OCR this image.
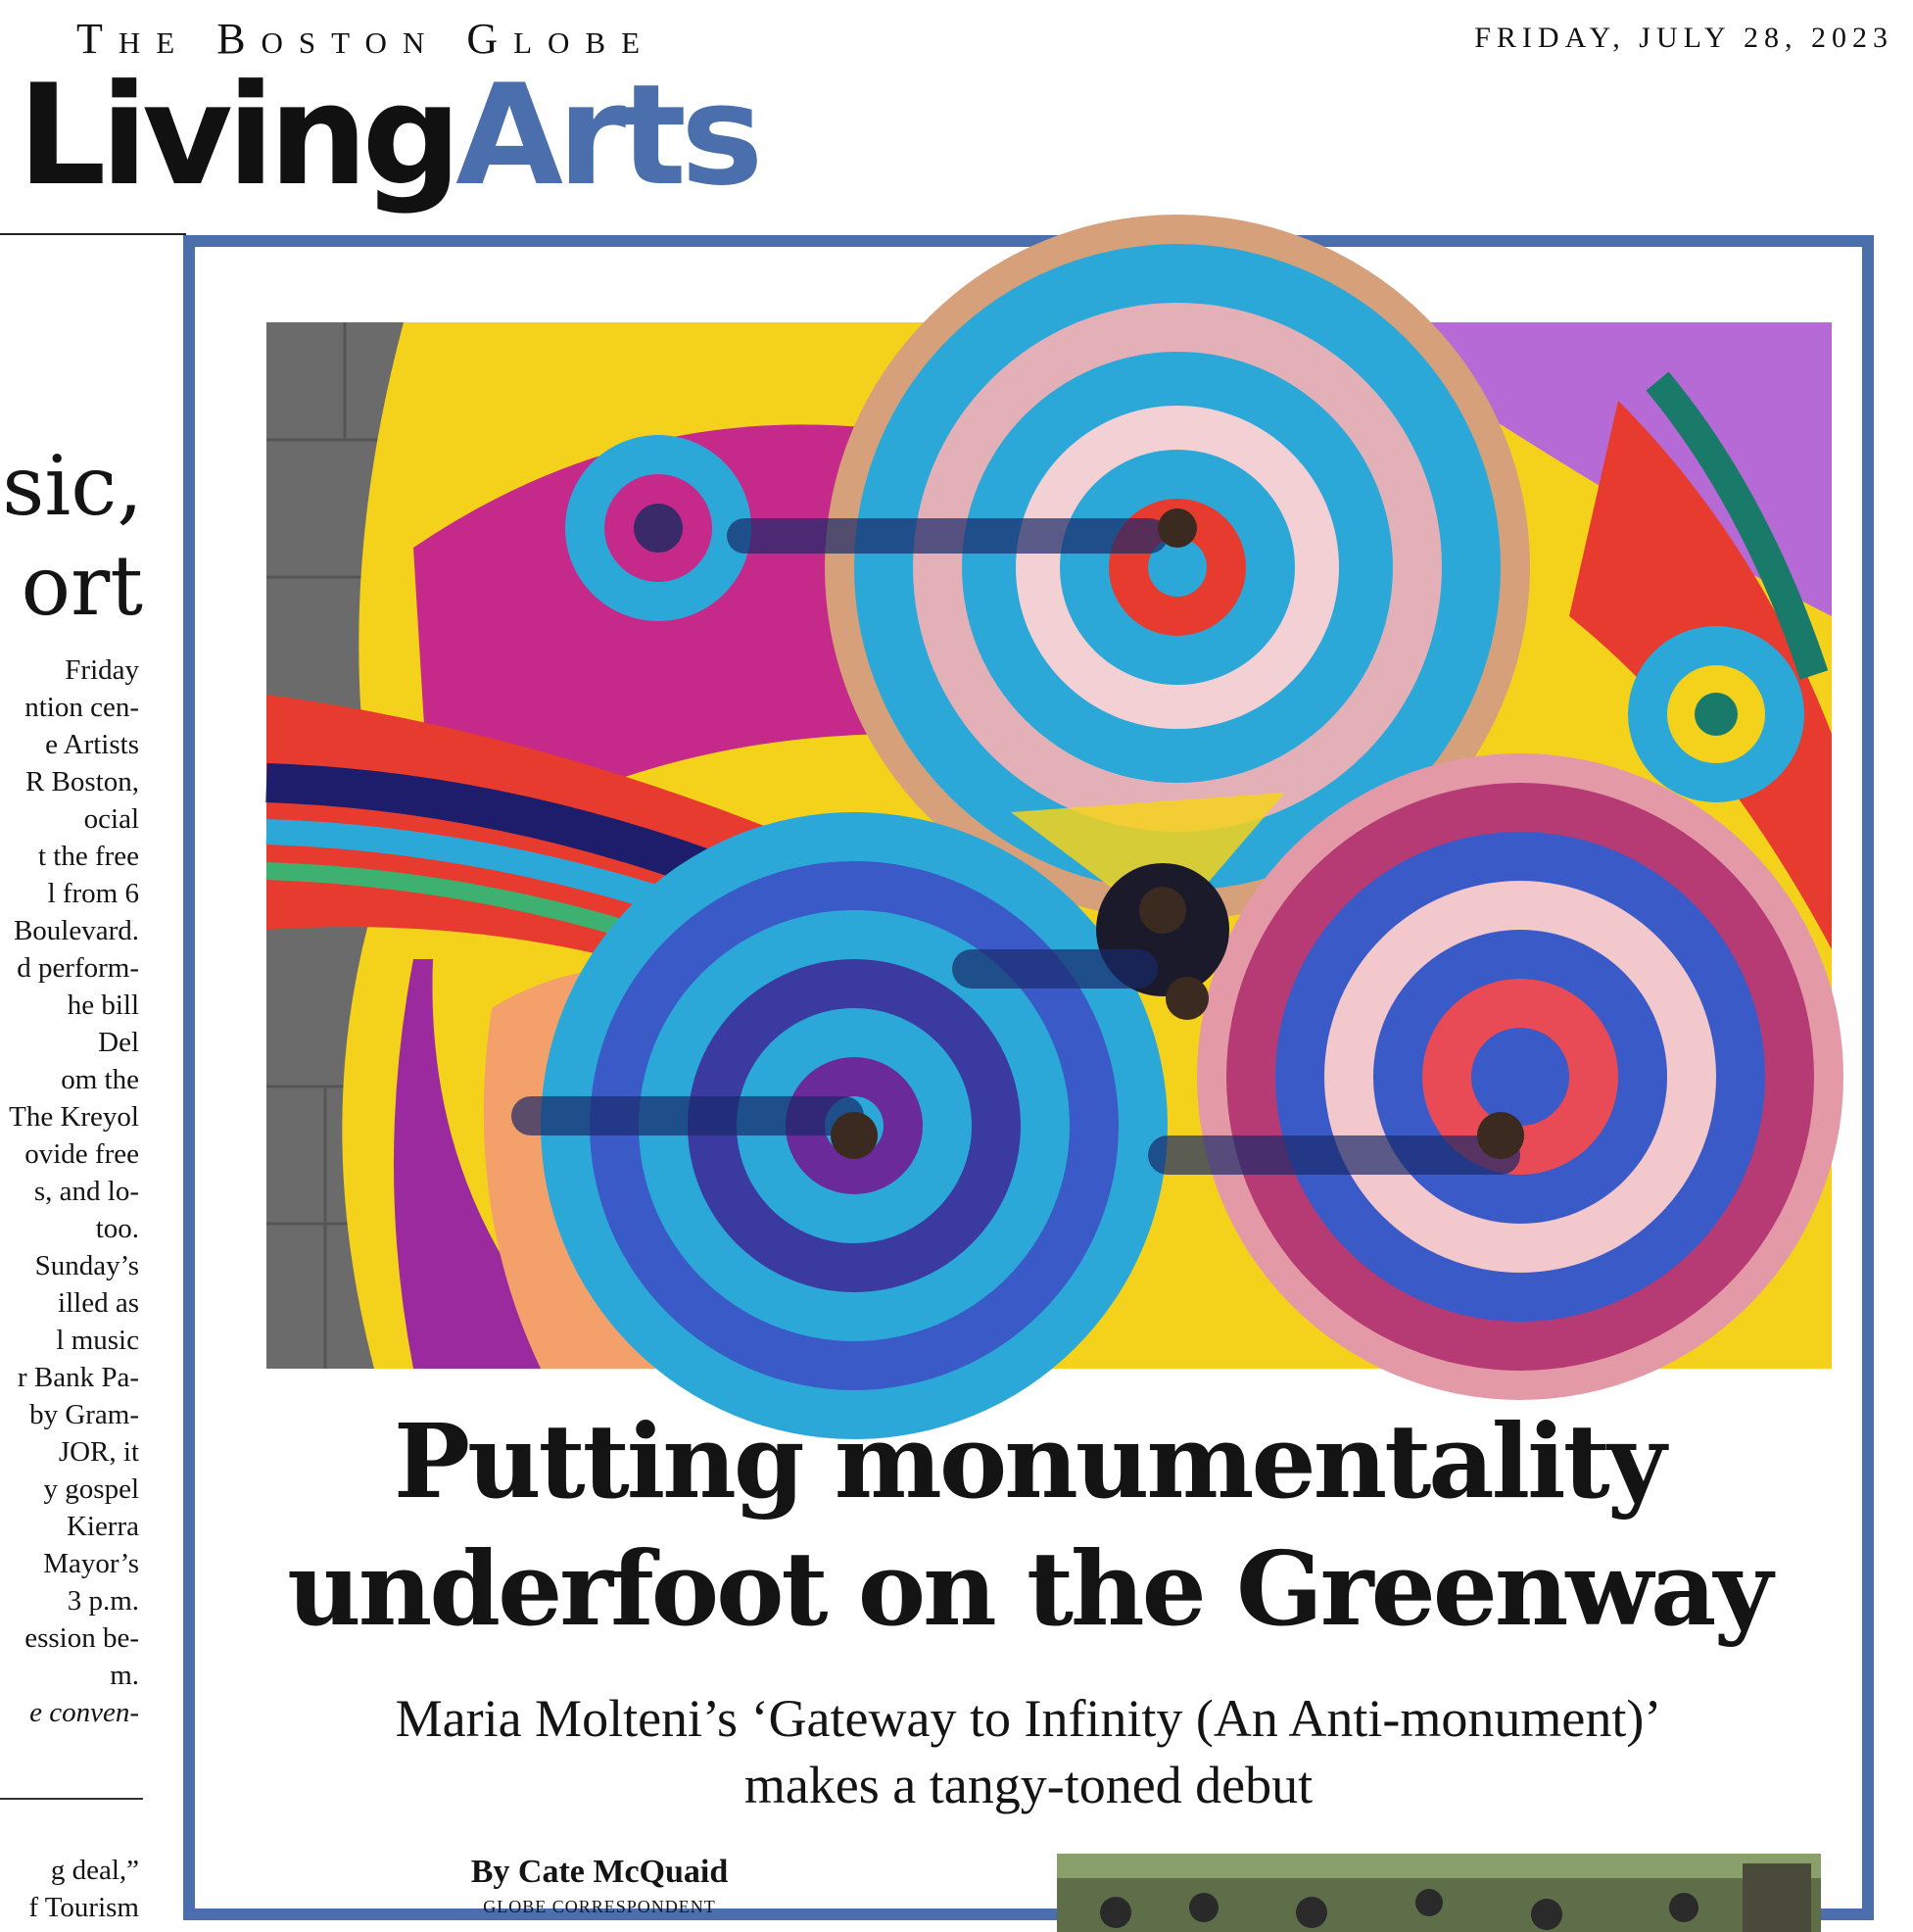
The Boston Globe	FRIDAY, JULY 28, 2023
LivingArts
sic,
ort
Friday
ntion cen-
e Artists
R Boston,
ocial
t the free
l from 6
Boulevard.
d perform-
he bill
Del
om the
The Kreyol
ovide free
s, and lo-
too.
Sunday’s
illed as
l music
r Bank Pa-
by Gram-
JOR, it
y gospel
Kierra
Mayor’s
3 p.m.
ession be-
m.
e conven-
g deal,”
f Tourism
Putting monumentality
underfoot on the Greenway
Maria Molteni’s ‘Gateway to Infinity (An Anti-monument)’
makes a tangy-toned debut
By Cate McQuaid
GLOBE CORRESPONDENT
